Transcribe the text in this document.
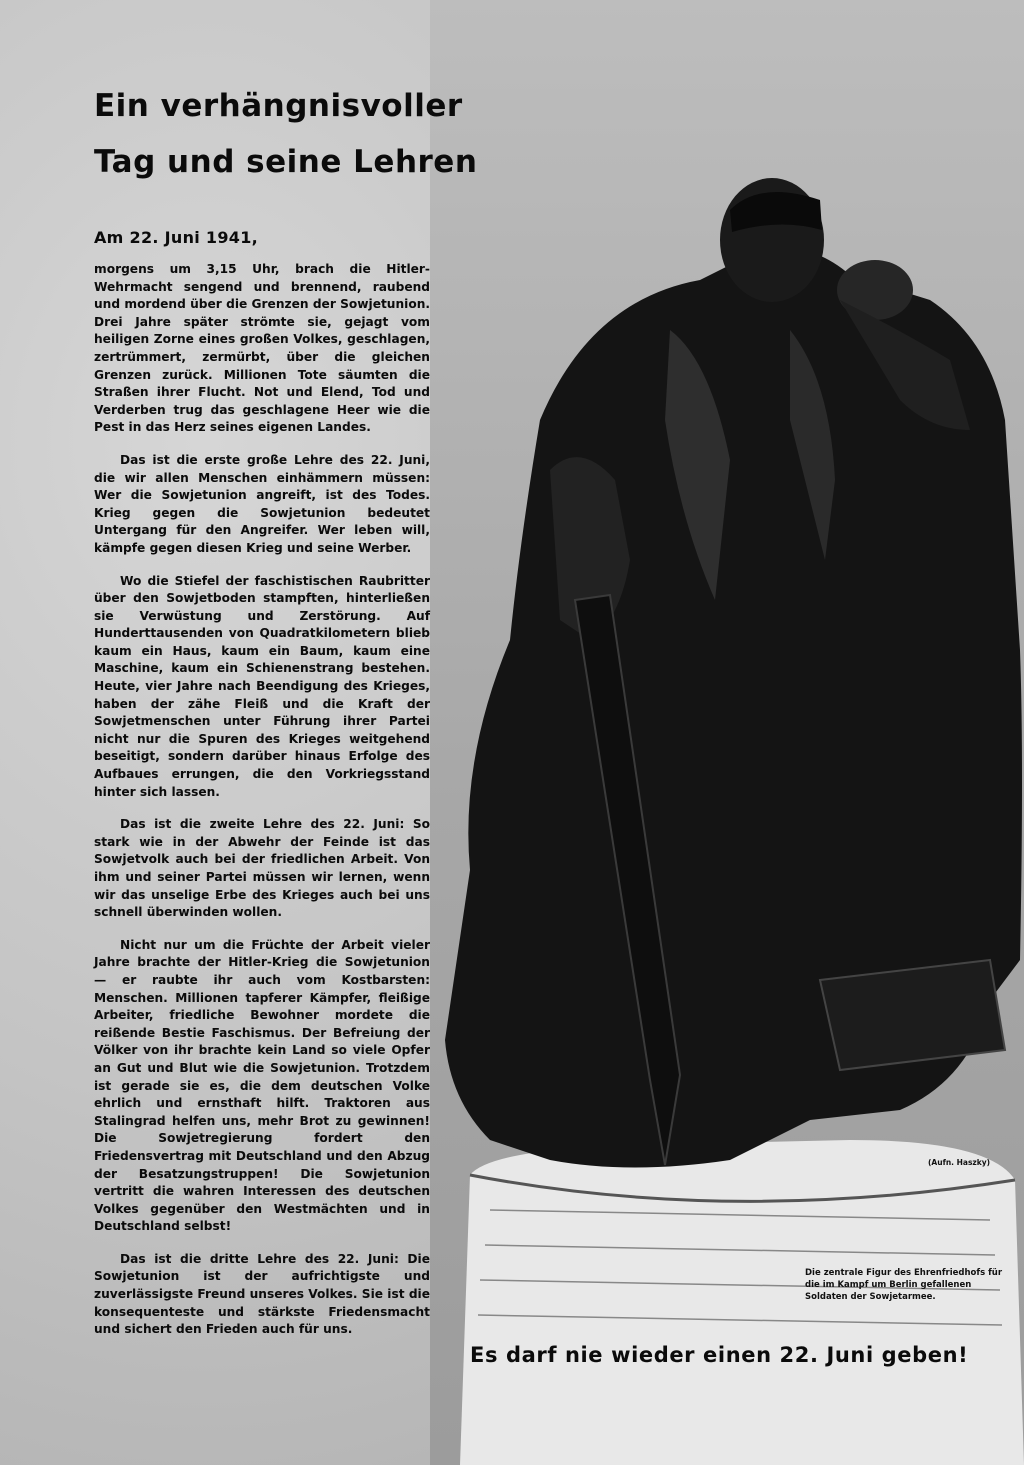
Ein verhängnisvoller Tag und seine Lehren
Am 22. Juni 1941,

morgens um 3,15 Uhr, brach die Hitler-Wehrmacht sengend und brennend, raubend und mordend über die Grenzen der Sowjetunion. Drei Jahre später strömte sie, gejagt vom heiligen Zorne eines großen Volkes, geschlagen, zertrümmert, zermürbt, über die gleichen Grenzen zurück. Millionen Tote säumten die Straßen ihrer Flucht. Not und Elend, Tod und Verderben trug das geschlagene Heer wie die Pest in das Herz seines eigenen Landes.

Das ist die erste große Lehre des 22. Juni, die wir allen Menschen einhämmern müssen: Wer die Sowjetunion angreift, ist des Todes. Krieg gegen die Sowjetunion bedeutet Untergang für den Angreifer. Wer leben will, kämpfe gegen diesen Krieg und seine Werber.

Wo die Stiefel der faschistischen Raubritter über den Sowjetboden stampften, hinterließen sie Verwüstung und Zerstörung. Auf Hunderttausenden von Quadratkilometern blieb kaum ein Haus, kaum ein Baum, kaum eine Maschine, kaum ein Schienenstrang bestehen. Heute, vier Jahre nach Beendigung des Krieges, haben der zähe Fleiß und die Kraft der Sowjetmenschen unter Führung ihrer Partei nicht nur die Spuren des Krieges weitgehend beseitigt, sondern darüber hinaus Erfolge des Aufbaues errungen, die den Vorkriegsstand hinter sich lassen.

Das ist die zweite Lehre des 22. Juni: So stark wie in der Abwehr der Feinde ist das Sowjetvolk auch bei der friedlichen Arbeit. Von ihm und seiner Partei müssen wir lernen, wenn wir das unselige Erbe des Krieges auch bei uns schnell überwinden wollen.

Nicht nur um die Früchte der Arbeit vieler Jahre brachte der Hitler-Krieg die Sowjetunion — er raubte ihr auch vom Kostbarsten: Menschen. Millionen tapferer Kämpfer, fleißige Arbeiter, friedliche Bewohner mordete die reißende Bestie Faschismus. Der Befreiung der Völker von ihr brachte kein Land so viele Opfer an Gut und Blut wie die Sowjetunion. Trotzdem ist gerade sie es, die dem deutschen Volke ehrlich und ernsthaft hilft. Traktoren aus Stalingrad helfen uns, mehr Brot zu gewinnen! Die Sowjetregierung fordert den Friedensvertrag mit Deutschland und den Abzug der Besatzungstruppen! Die Sowjetunion vertritt die wahren Interessen des deutschen Volkes gegenüber den Westmächten und in Deutschland selbst!

Das ist die dritte Lehre des 22. Juni: Die Sowjetunion ist der aufrichtigste und zuverlässigste Freund unseres Volkes. Sie ist die konsequenteste und stärkste Friedensmacht und sichert den Frieden auch für uns.

(Aufn. Haszky)
Die zentrale Figur des Ehrenfriedhofs für die im Kampf um Berlin gefallenen Soldaten der Sowjetarmee.
Es darf nie wieder einen 22. Juni geben!
